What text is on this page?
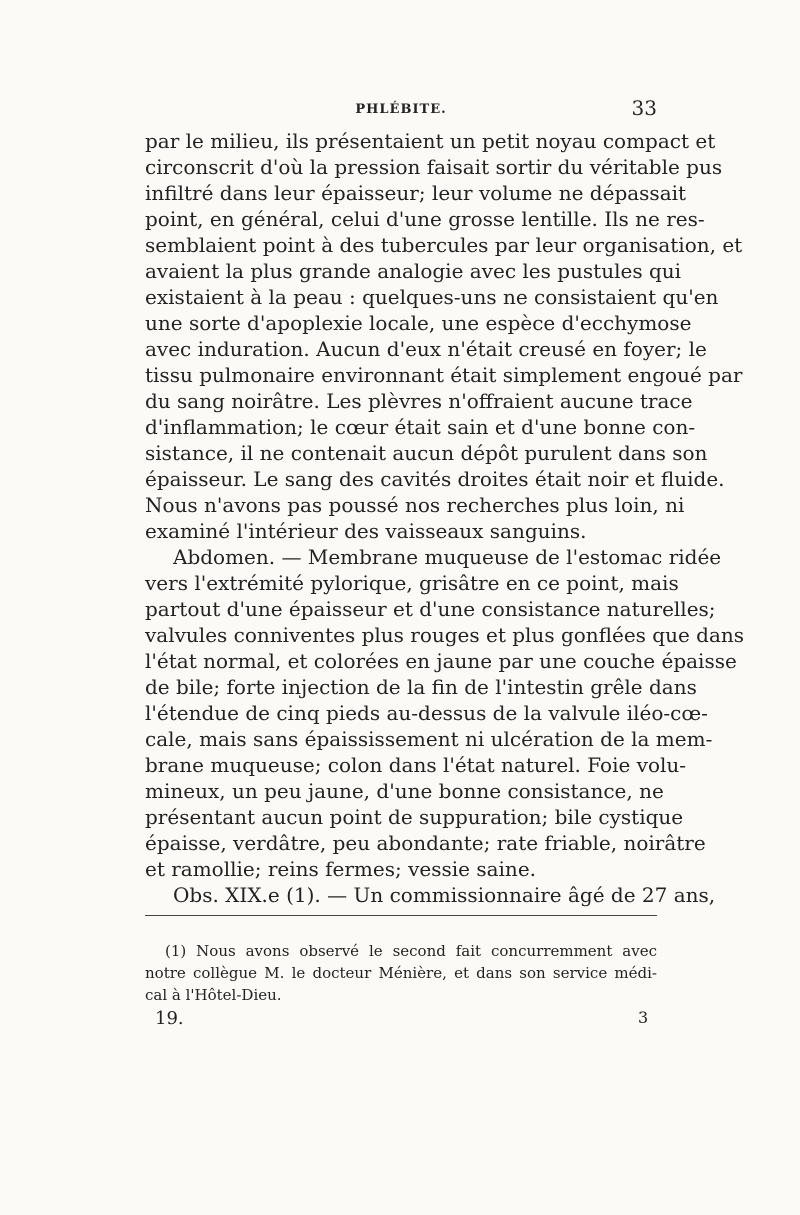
PHLÉBITE.	33
par le milieu, ils présentaient un petit noyau compact et
circonscrit d'où la pression faisait sortir du véritable pus
infiltré dans leur épaisseur; leur volume ne dépassait
point, en général, celui d'une grosse lentille. Ils ne res-
semblaient point à des tubercules par leur organisation, et
avaient la plus grande analogie avec les pustules qui
existaient à la peau : quelques-uns ne consistaient qu'en
une sorte d'apoplexie locale, une espèce d'ecchymose
avec induration. Aucun d'eux n'était creusé en foyer; le
tissu pulmonaire environnant était simplement engoué par
du sang noirâtre. Les plèvres n'offraient aucune trace
d'inflammation; le cœur était sain et d'une bonne con-
sistance, il ne contenait aucun dépôt purulent dans son
épaisseur. Le sang des cavités droites était noir et fluide.
Nous n'avons pas poussé nos recherches plus loin, ni
examiné l'intérieur des vaisseaux sanguins.
Abdomen. — Membrane muqueuse de l'estomac ridée
vers l'extrémité pylorique, grisâtre en ce point, mais
partout d'une épaisseur et d'une consistance naturelles;
valvules conniventes plus rouges et plus gonflées que dans
l'état normal, et colorées en jaune par une couche épaisse
de bile; forte injection de la fin de l'intestin grêle dans
l'étendue de cinq pieds au-dessus de la valvule iléo-cœ-
cale, mais sans épaississement ni ulcération de la mem-
brane muqueuse; colon dans l'état naturel. Foie volu-
mineux, un peu jaune, d'une bonne consistance, ne
présentant aucun point de suppuration; bile cystique
épaisse, verdâtre, peu abondante; rate friable, noirâtre
et ramollie; reins fermes; vessie saine.
Obs. XIX.e (1). — Un commissionnaire âgé de 27 ans,
(1) Nous avons observé le second fait concurremment avec
notre collègue M. le docteur Ménière, et dans son service médi-
cal à l'Hôtel-Dieu.
19.	3
